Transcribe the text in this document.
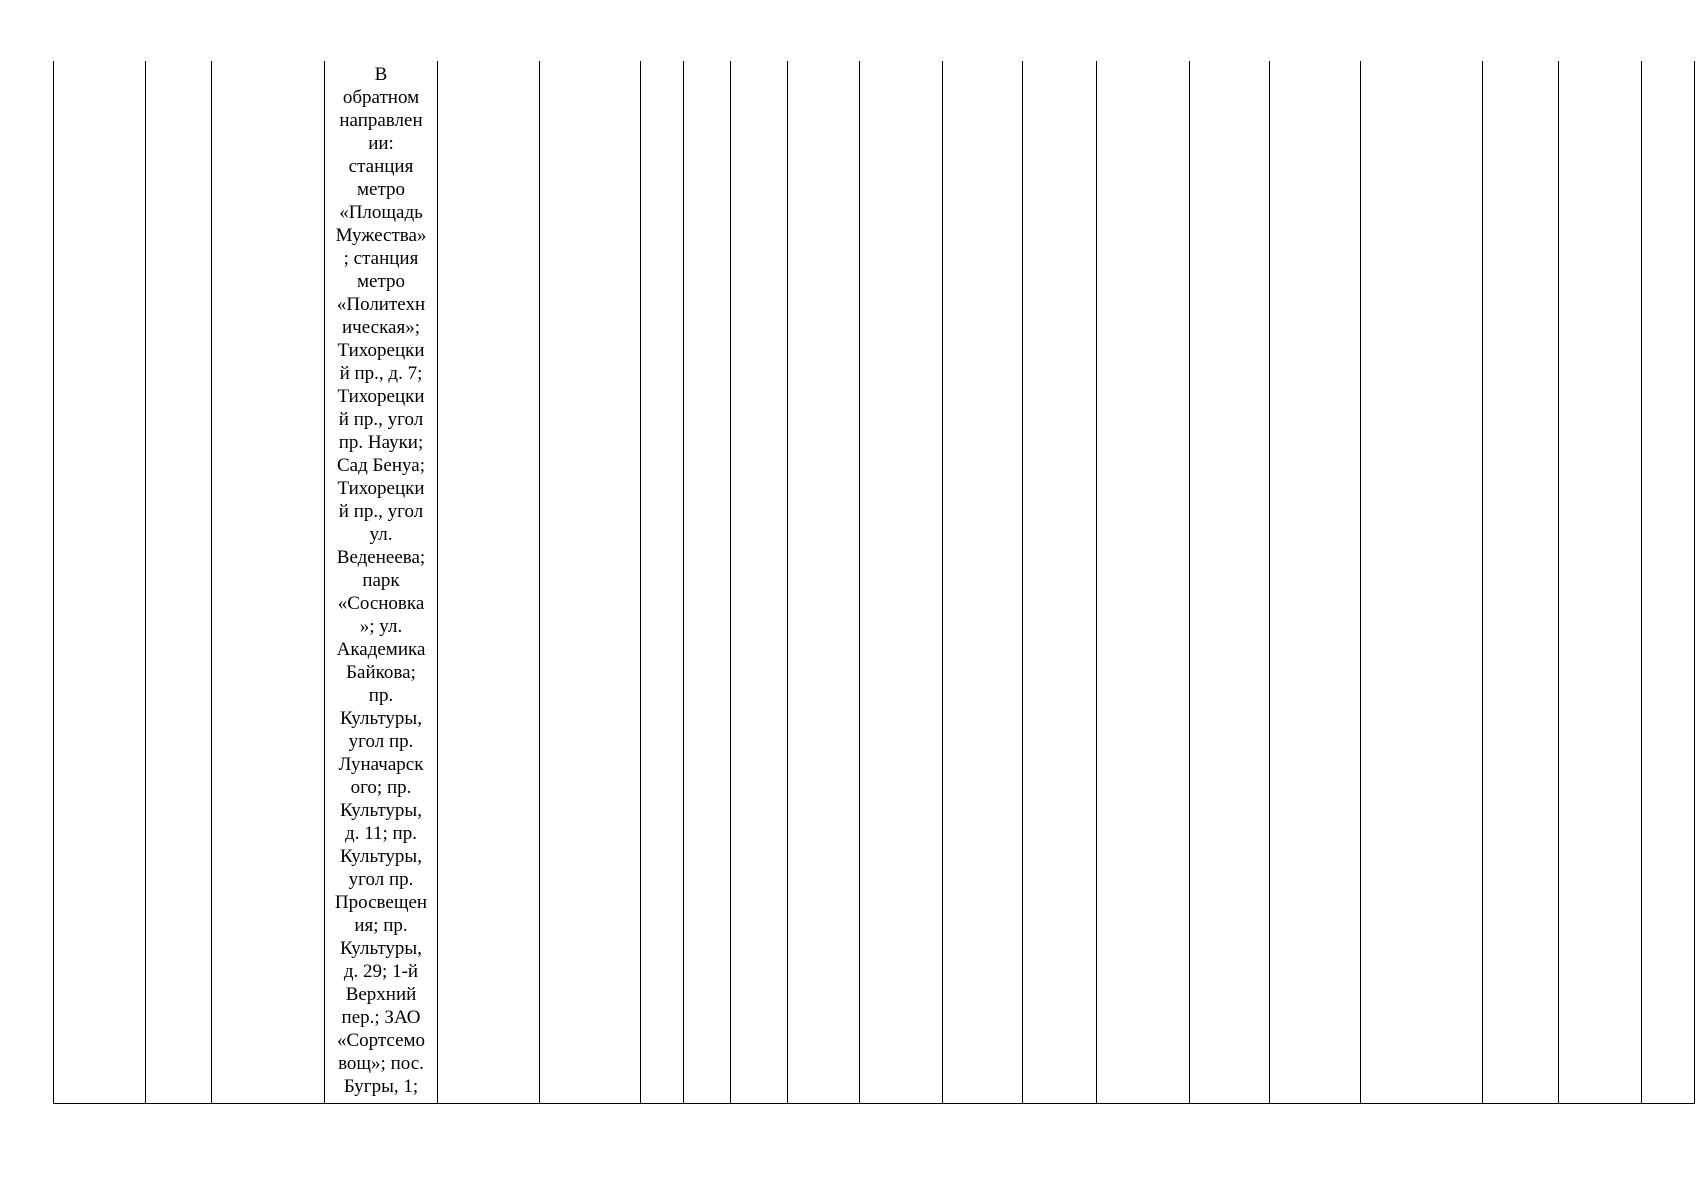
В
обратном
направлен
ии:
станция
метро
«Площадь
Мужества»
; станция
метро
«Политехн
ическая»;
Тихорецки
й пр., д. 7;
Тихорецки
й пр., угол
пр. Науки;
Сад Бенуа;
Тихорецки
й пр., угол
ул.
Веденеева;
парк
«Сосновка
»; ул.
Академика
Байкова;
пр.
Культуры,
угол пр.
Луначарск
ого; пр.
Культуры,
д. 11; пр.
Культуры,
угол пр.
Просвещен
ия; пр.
Культуры,
д. 29; 1-й
Верхний
пер.; ЗАО
«Сортсемо
вощ»; пос.
Бугры, 1;
